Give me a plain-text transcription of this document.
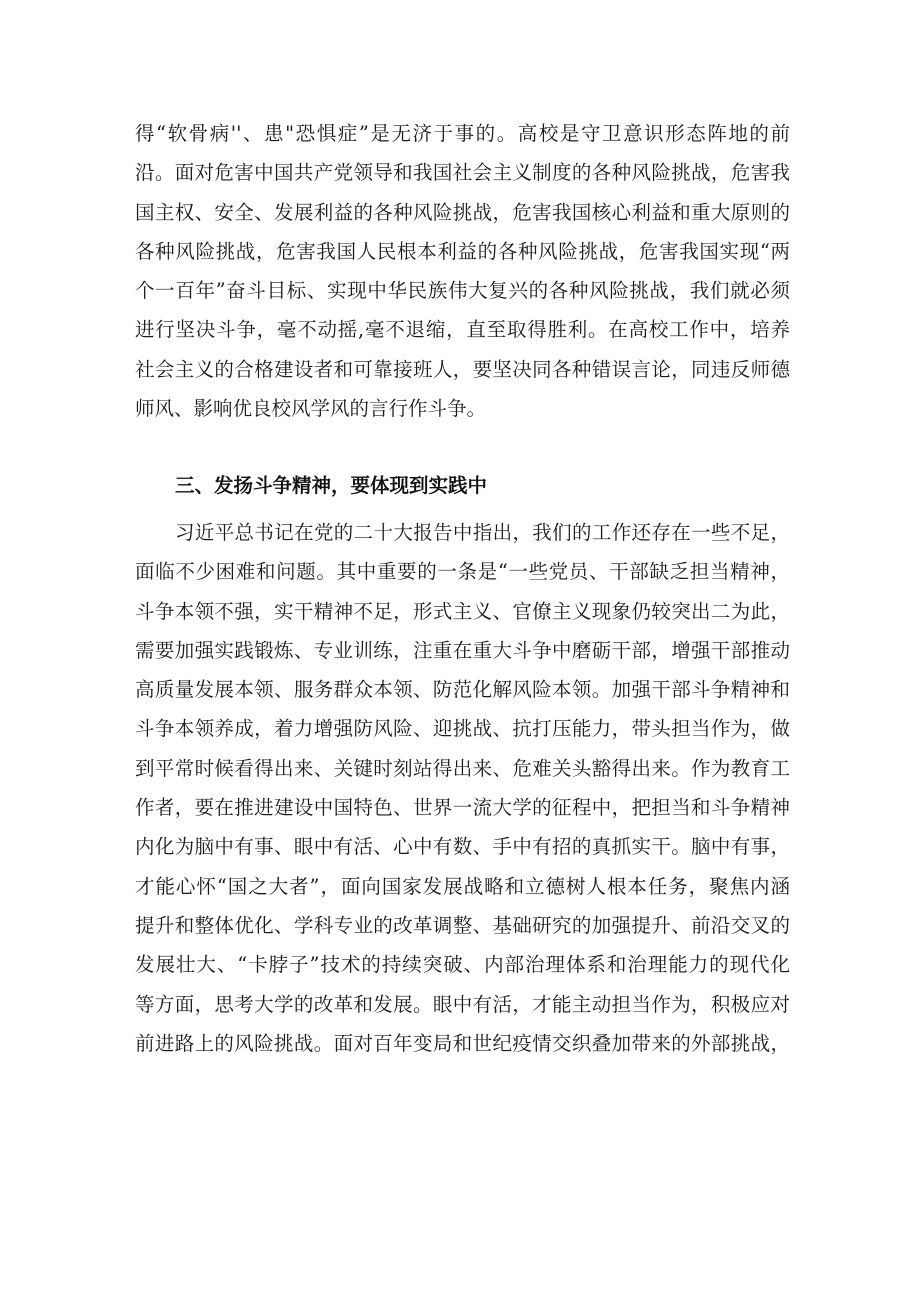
得“软骨病''、患"恐惧症”是无济于事的。高校是守卫意识形态阵地的前
沿。面对危害中国共产党领导和我国社会主义制度的各种风险挑战，危害我
国主权、安全、发展利益的各种风险挑战，危害我国核心利益和重大原则的
各种风险挑战，危害我国人民根本利益的各种风险挑战，危害我国实现“两
个一百年”奋斗目标、实现中华民族伟大复兴的各种风险挑战，我们就必须
进行坚决斗争，毫不动摇,毫不退缩，直至取得胜利。在高校工作中，培养
社会主义的合格建设者和可靠接班人，要坚决同各种错误言论，同违反师德
师风、影响优良校风学风的言行作斗争。
三、发扬斗争精神，要体现到实践中
习近平总书记在党的二十大报告中指出，我们的工作还存在一些不足，
面临不少困难和问题。其中重要的一条是“一些党员、干部缺乏担当精神，
斗争本领不强，实干精神不足，形式主义、官僚主义现象仍较突出二为此，
需要加强实践锻炼、专业训练，注重在重大斗争中磨砺干部，增强干部推动
高质量发展本领、服务群众本领、防范化解风险本领。加强干部斗争精神和
斗争本领养成，着力增强防风险、迎挑战、抗打压能力，带头担当作为，做
到平常时候看得出来、关键时刻站得出来、危难关头豁得出来。作为教育工
作者，要在推进建设中国特色、世界一流大学的征程中，把担当和斗争精神
内化为脑中有事、眼中有活、心中有数、手中有招的真抓实干。脑中有事，
才能心怀“国之大者”，面向国家发展战略和立德树人根本任务，聚焦内涵
提升和整体优化、学科专业的改革调整、基础研究的加强提升、前沿交叉的
发展壮大、“卡脖子”技术的持续突破、内部治理体系和治理能力的现代化
等方面，思考大学的改革和发展。眼中有活，才能主动担当作为，积极应对
前进路上的风险挑战。面对百年变局和世纪疫情交织叠加带来的外部挑战，
